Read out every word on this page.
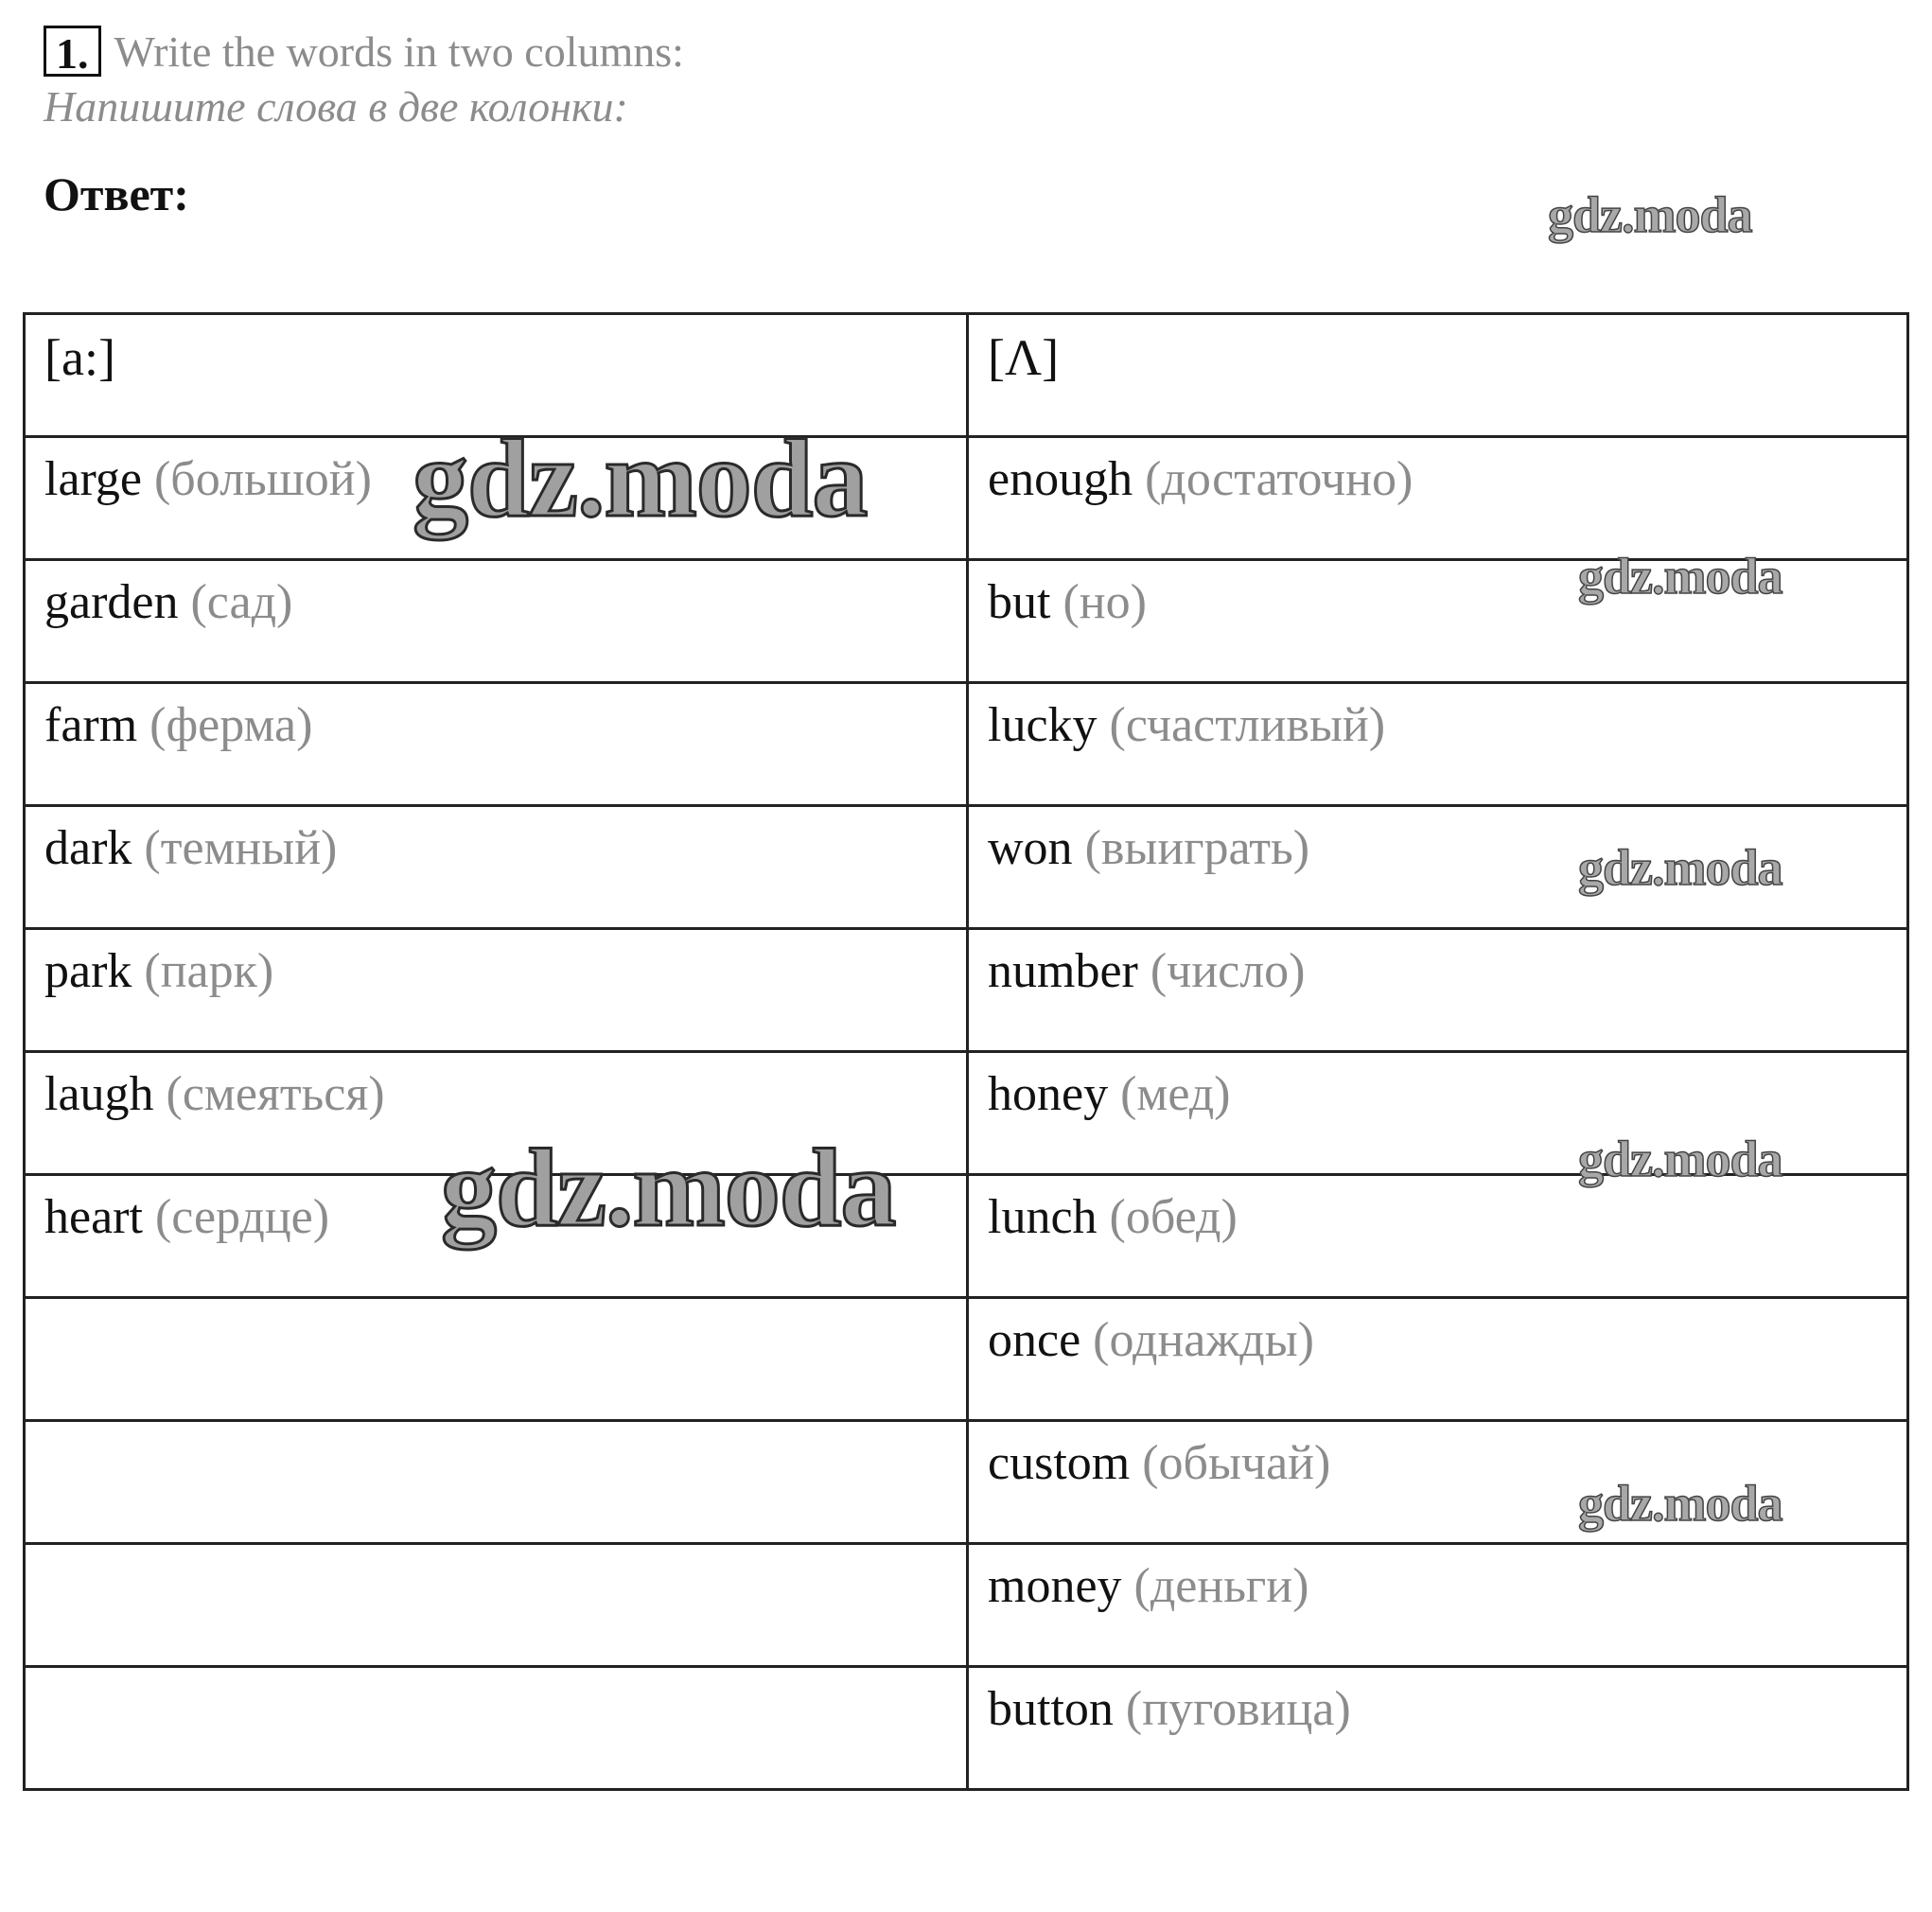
1. Write the words in two columns:
Напишите слова в две колонки:
Ответ:
[a:]	[Λ]
large (большой)	enough (достаточно)
garden (сад)	but (но)
farm (ферма)	lucky (счастливый)
dark (темный)	won (выиграть)
park (парк)	number (число)
laugh (смеяться)	honey (мед)
heart (сердце)	lunch (обед)
	once (однажды)
	custom (обычай)
	money (деньги)
	button (пуговица)
gdz.moda
gdz.moda
gdz.moda
gdz.moda
gdz.moda	gdz.moda
gdz.moda
